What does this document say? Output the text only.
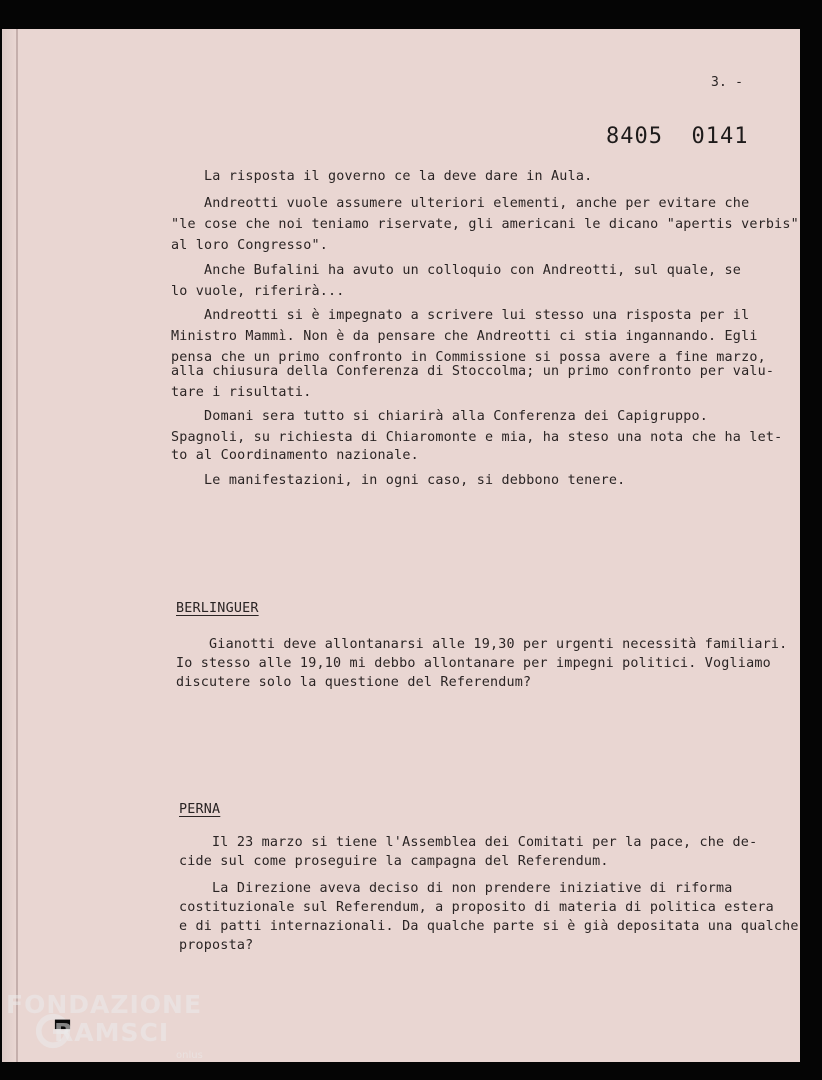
3. -
8405  0141
La risposta il governo ce la deve dare in Aula.
Andreotti vuole assumere ulteriori elementi, anche per evitare che
"le cose che noi teniamo riservate, gli americani le dicano "apertis verbis"
al loro Congresso".
Anche Bufalini ha avuto un colloquio con Andreotti, sul quale, se
lo vuole, riferirà...
Andreotti si è impegnato a scrivere lui stesso una risposta per il
Ministro Mammì. Non è da pensare che Andreotti ci stia ingannando. Egli
pensa che un primo confronto in Commissione si possa avere a fine marzo,
alla chiusura della Conferenza di Stoccolma; un primo confronto per valu-
tare i risultati.
Domani sera tutto si chiarirà alla Conferenza dei Capigruppo.
Spagnoli, su richiesta di Chiaromonte e mia, ha steso una nota che ha let-
to al Coordinamento nazionale.
Le manifestazioni, in ogni caso, si debbono tenere.
BERLINGUER
Gianotti deve allontanarsi alle 19,30 per urgenti necessità familiari.
Io stesso alle 19,10 mi debbo allontanare per impegni politici. Vogliamo
discutere solo la questione del Referendum?
PERNA
Il 23 marzo si tiene l'Assemblea dei Comitati per la pace, che de-
cide sul come proseguire la campagna del Referendum.
La Direzione aveva deciso di non prendere iniziative di riforma
costituzionale sul Referendum, a proposito di materia di politica estera
e di patti internazionali. Da qualche parte si è già depositata una qualche
proposta?
FONDAZIONE
RAMSCI
onlus
